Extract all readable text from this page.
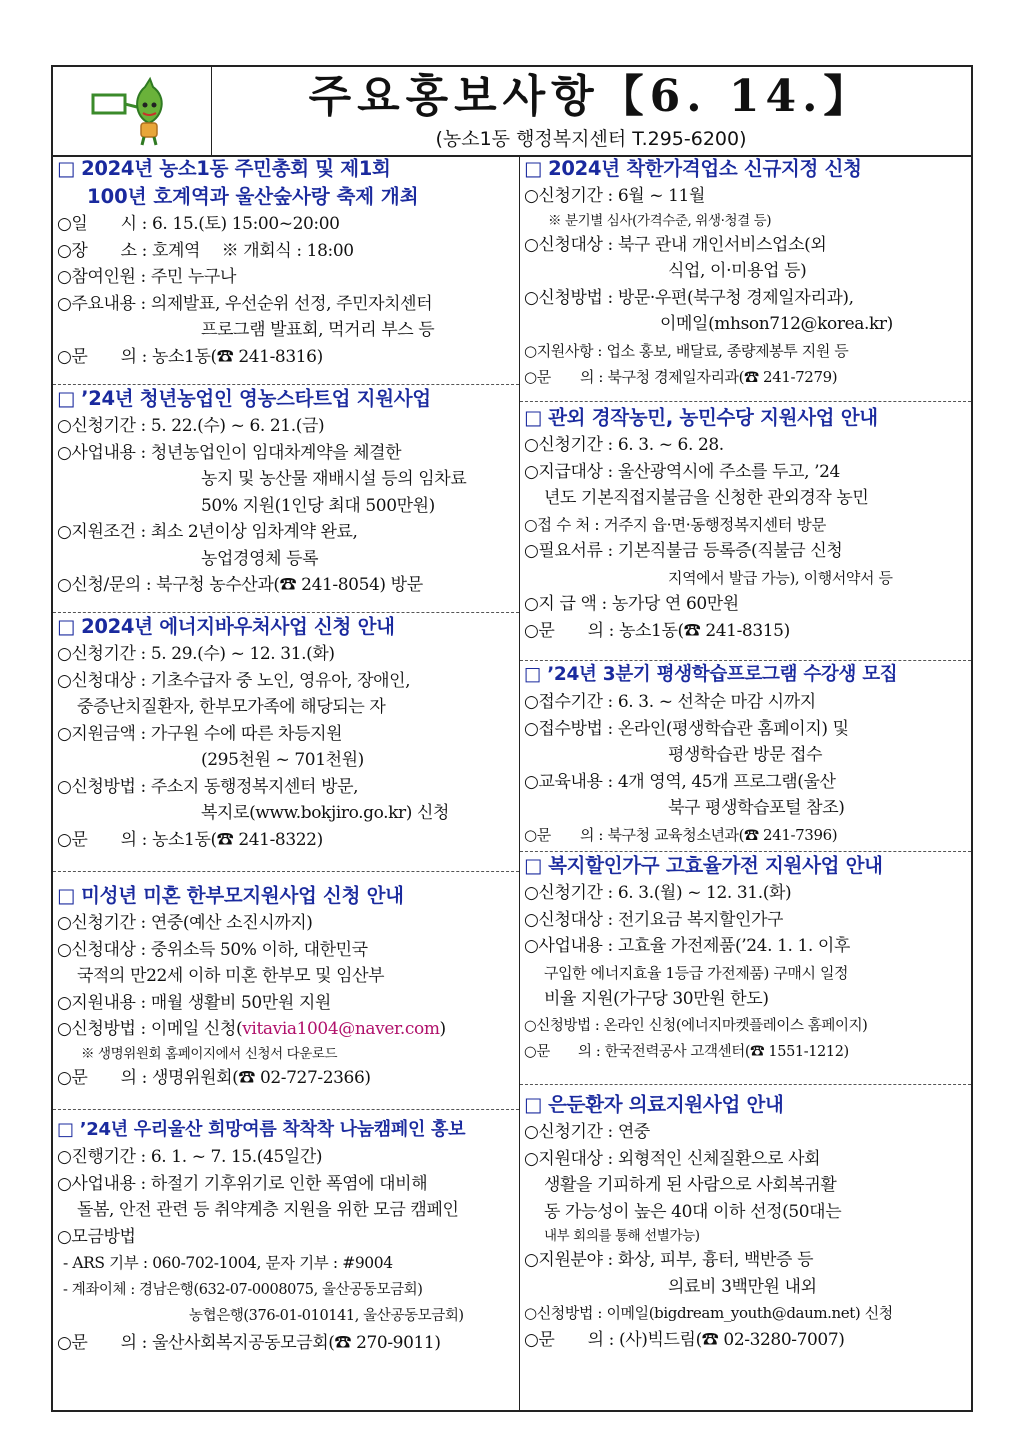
주요홍보사항【6. 14.】
(농소1동 행정복지센터 T.295-6200)
□ 2024년 농소1동 주민총회 및 제1회
100년 호계역과 울산숲사랑 축제 개최
○일　　시 : 6. 15.(토) 15:00~20:00
○장　　소 : 호계역　 ※ 개회식 : 18:00
○참여인원 : 주민 누구나
○주요내용 : 의제발표, 우선순위 선정, 주민자치센터
프로그램 발표회, 먹거리 부스 등
○문　　의 : 농소1동(☎ 241-8316)
□ ’24년 청년농업인 영농스타트업 지원사업
○신청기간 : 5. 22.(수) ~ 6. 21.(금)
○사업내용 : 청년농업인이 임대차계약을 체결한
농지 및 농산물 재배시설 등의 임차료
50% 지원(1인당 최대 500만원)
○지원조건 : 최소 2년이상 임차계약 완료,
농업경영체 등록
○신청/문의 : 북구청 농수산과(☎ 241-8054) 방문
□ 2024년 에너지바우처사업 신청 안내
○신청기간 : 5. 29.(수) ~ 12. 31.(화)
○신청대상 : 기초수급자 중 노인, 영유아, 장애인,
중증난치질환자, 한부모가족에 해당되는 자
○지원금액 : 가구원 수에 따른 차등지원
(295천원 ~ 701천원)
○신청방법 : 주소지 동행정복지센터 방문,
복지로(www.bokjiro.go.kr) 신청
○문　　의 : 농소1동(☎ 241-8322)
□ 미성년 미혼 한부모지원사업 신청 안내
○신청기간 : 연중(예산 소진시까지)
○신청대상 : 중위소득 50% 이하, 대한민국
국적의 만22세 이하 미혼 한부모 및 임산부
○지원내용 : 매월 생활비 50만원 지원
○신청방법 : 이메일 신청(vitavia1004@naver.com)
※ 생명위원회 홈페이지에서 신청서 다운로드
○문　　의 : 생명위원회(☎ 02-727-2366)
□ ’24년 우리울산 희망여름 착착착 나눔캠페인 홍보
○진행기간 : 6. 1. ~ 7. 15.(45일간)
○사업내용 : 하절기 기후위기로 인한 폭염에 대비해
돌봄, 안전 관련 등 취약계층 지원을 위한 모금 캠페인
○모금방법
- ARS 기부 : 060-702-1004, 문자 기부 : #9004
- 계좌이체 : 경남은행(632-07-0008075, 울산공동모금회)
농협은행(376-01-010141, 울산공동모금회)
○문　　의 : 울산사회복지공동모금회(☎ 270-9011)
□ 2024년 착한가격업소 신규지정 신청
○신청기간 : 6월 ~ 11월
※ 분기별 심사(가격수준, 위생·청결 등)
○신청대상 : 북구 관내 개인서비스업소(외
식업, 이·미용업 등)
○신청방법 : 방문·우편(북구청 경제일자리과),
이메일(mhson712@korea.kr)
○지원사항 : 업소 홍보, 배달료, 종량제봉투 지원 등
○문　　의 : 북구청 경제일자리과(☎ 241-7279)
□ 관외 경작농민, 농민수당 지원사업 안내
○신청기간 : 6. 3. ~ 6. 28.
○지급대상 : 울산광역시에 주소를 두고, ’24
년도 기본직접지불금을 신청한 관외경작 농민
○접 수 처 : 거주지 읍·면·동행정복지센터 방문
○필요서류 : 기본직불금 등록증(직불금 신청
지역에서 발급 가능), 이행서약서 등
○지 급 액 : 농가당 연 60만원
○문　　의 : 농소1동(☎ 241-8315)
□ ’24년 3분기 평생학습프로그램 수강생 모집
○접수기간 : 6. 3. ~ 선착순 마감 시까지
○접수방법 : 온라인(평생학습관 홈페이지) 및
평생학습관 방문 접수
○교육내용 : 4개 영역, 45개 프로그램(울산
북구 평생학습포털 참조)
○문　　의 : 북구청 교육청소년과(☎ 241-7396)
□ 복지할인가구 고효율가전 지원사업 안내
○신청기간 : 6. 3.(월) ~ 12. 31.(화)
○신청대상 : 전기요금 복지할인가구
○사업내용 : 고효율 가전제품(’24. 1. 1. 이후
구입한 에너지효율 1등급 가전제품) 구매시 일정
비율 지원(가구당 30만원 한도)
○신청방법 : 온라인 신청(에너지마켓플레이스 홈페이지)
○문　　의 : 한국전력공사 고객센터(☎ 1551-1212)
□ 은둔환자 의료지원사업 안내
○신청기간 : 연중
○지원대상 : 외형적인 신체질환으로 사회
생활을 기피하게 된 사람으로 사회복귀활
동 가능성이 높은 40대 이하 선정(50대는
내부 회의를 통해 선별가능)
○지원분야 : 화상, 피부, 흉터, 백반증 등
의료비 3백만원 내외
○신청방법 : 이메일(bigdream_youth@daum.net) 신청
○문　　의 : (사)빅드림(☎ 02-3280-7007)
